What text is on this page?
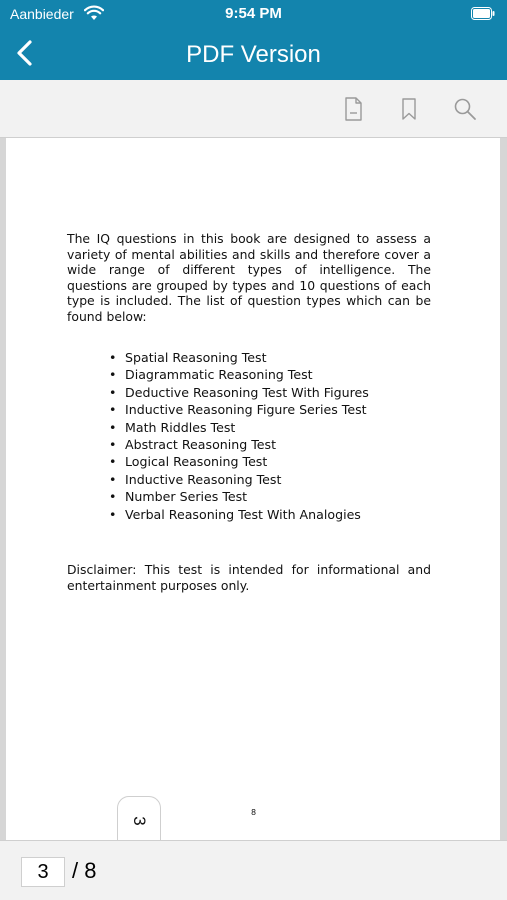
Aanbieder	9:54 PM
PDF Version

The IQ questions in this book are designed to assess a variety of mental abilities and skills and therefore cover a wide range of different types of intelligence. The questions are grouped by types and 10 questions of each type is included. The list of question types which can be found below:

• Spatial Reasoning Test
• Diagrammatic Reasoning Test
• Deductive Reasoning Test With Figures
• Inductive Reasoning Figure Series Test
• Math Riddles Test
• Abstract Reasoning Test
• Logical Reasoning Test
• Inductive Reasoning Test
• Number Series Test
• Verbal Reasoning Test With Analogies

Disclaimer: This test is intended for informational and entertainment purposes only.

8
3
3
/ 8
